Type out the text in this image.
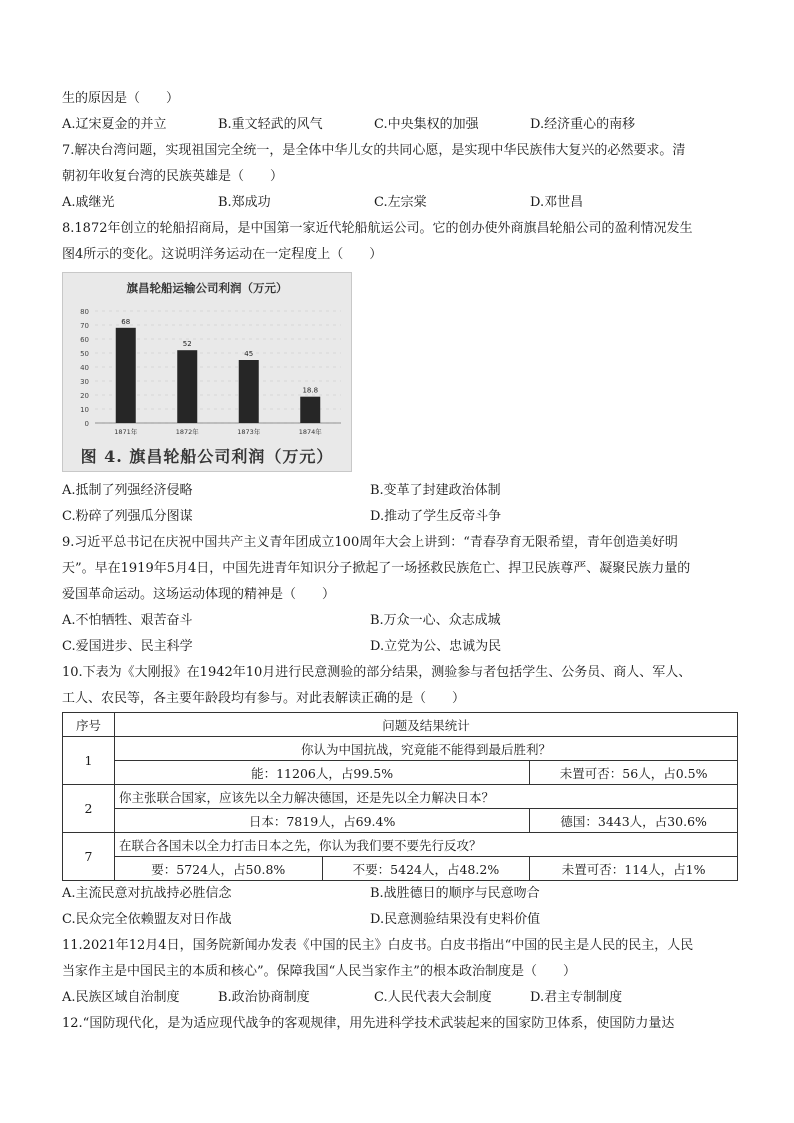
生的原因是（　　）
A.辽宋夏金的并立	B.重文轻武的风气	C.中央集权的加强	D.经济重心的南移
7.解决台湾问题，实现祖国完全统一，是全体中华儿女的共同心愿，是实现中华民族伟大复兴的必然要求。清
朝初年收复台湾的民族英雄是（　　）
A.戚继光	B.郑成功	C.左宗棠	D.邓世昌
8.1872年创立的轮船招商局，是中国第一家近代轮船航运公司。它的创办使外商旗昌轮船公司的盈利情况发生
图4所示的变化。这说明洋务运动在一定程度上（　　）
旗昌轮船运输公司利润（万元）
0
10
20
30
40
50
60
70
80
68
1871年
52
1872年
45
1873年
18.8
1874年
图 4. 旗昌轮船公司利润（万元）
A.抵制了列强经济侵略	B.变革了封建政治体制
C.粉碎了列强瓜分图谋	D.推动了学生反帝斗争
9.习近平总书记在庆祝中国共产主义青年团成立100周年大会上讲到：“青春孕育无限希望，青年创造美好明
天”。早在1919年5月4日，中国先进青年知识分子掀起了一场拯救民族危亡、捍卫民族尊严、凝聚民族力量的
爱国革命运动。这场运动体现的精神是（　　）
A.不怕牺牲、艰苦奋斗	B.万众一心、众志成城
C.爱国进步、民主科学	D.立党为公、忠诚为民
10.下表为《大刚报》在1942年10月进行民意测验的部分结果，测验参与者包括学生、公务员、商人、军人、
工人、农民等，各主要年龄段均有参与。对此表解读正确的是（　　）
序号	问题及结果统计		
1	你认为中国抗战，究竟能不能得到最后胜利？		
	能：11206人，占99.5%		未置可否：56人，占0.5%
2	你主张联合国家，应该先以全力解决德国，还是先以全力解决日本？		
	日本：7819人，占69.4%		德国：3443人，占30.6%
7	在联合各国未以全力打击日本之先，你认为我们要不要先行反攻？		
	要：5724人，占50.8%	不要：5424人，占48.2%	未置可否：114人，占1%
A.主流民意对抗战持必胜信念	B.战胜德日的顺序与民意吻合
C.民众完全依赖盟友对日作战	D.民意测验结果没有史料价值
11.2021年12月4日，国务院新闻办发表《中国的民主》白皮书。白皮书指出“中国的民主是人民的民主，人民
当家作主是中国民主的本质和核心”。保障我国“人民当家作主”的根本政治制度是（　　）
A.民族区域自治制度	B.政治协商制度	C.人民代表大会制度	D.君主专制制度
12.“国防现代化，是为适应现代战争的客观规律，用先进科学技术武装起来的国家防卫体系，使国防力量达
